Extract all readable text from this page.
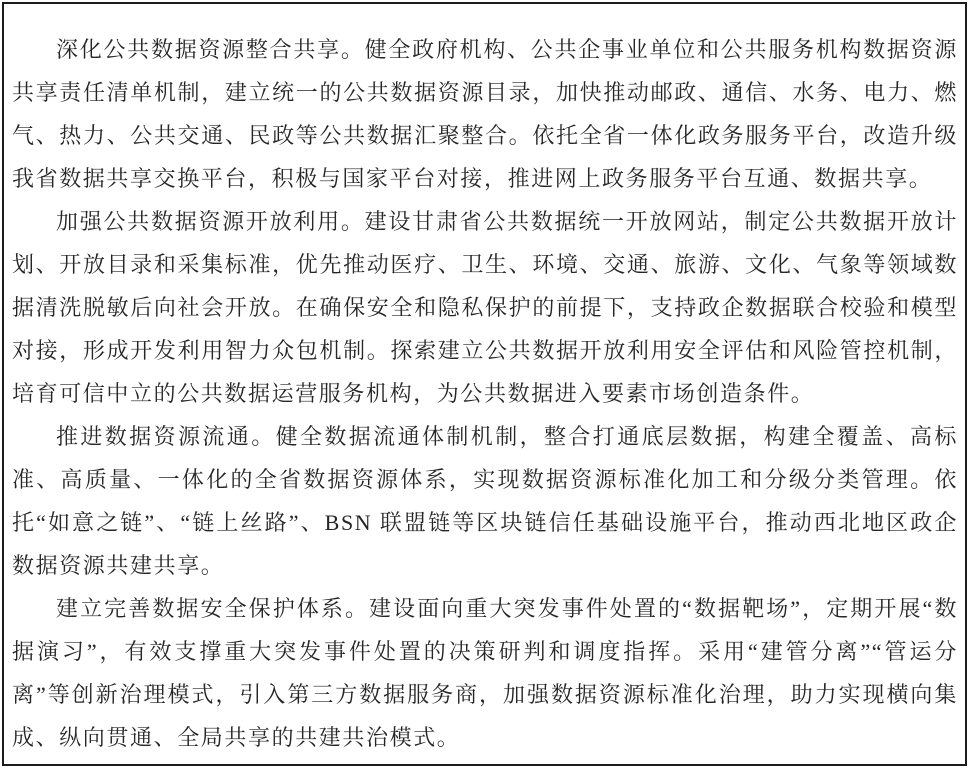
深化公共数据资源整合共享。健全政府机构、公共企事业单位和公共服务机构数据资源共享责任清单机制，建立统一的公共数据资源目录，加快推动邮政、通信、水务、电力、燃气、热力、公共交通、民政等公共数据汇聚整合。依托全省一体化政务服务平台，改造升级我省数据共享交换平台，积极与国家平台对接，推进网上政务服务平台互通、数据共享。

加强公共数据资源开放利用。建设甘肃省公共数据统一开放网站，制定公共数据开放计划、开放目录和采集标准，优先推动医疗、卫生、环境、交通、旅游、文化、气象等领域数据清洗脱敏后向社会开放。在确保安全和隐私保护的前提下，支持政企数据联合校验和模型对接，形成开发利用智力众包机制。探索建立公共数据开放利用安全评估和风险管控机制，培育可信中立的公共数据运营服务机构，为公共数据进入要素市场创造条件。

推进数据资源流通。健全数据流通体制机制，整合打通底层数据，构建全覆盖、高标准、高质量、一体化的全省数据资源体系，实现数据资源标准化加工和分级分类管理。依托“如意之链”、“链上丝路”、BSN 联盟链等区块链信任基础设施平台，推动西北地区政企数据资源共建共享。

建立完善数据安全保护体系。建设面向重大突发事件处置的“数据靶场”，定期开展“数据演习”，有效支撑重大突发事件处置的决策研判和调度指挥。采用“建管分离”“管运分离”等创新治理模式，引入第三方数据服务商，加强数据资源标准化治理，助力实现横向集成、纵向贯通、全局共享的共建共治模式。
